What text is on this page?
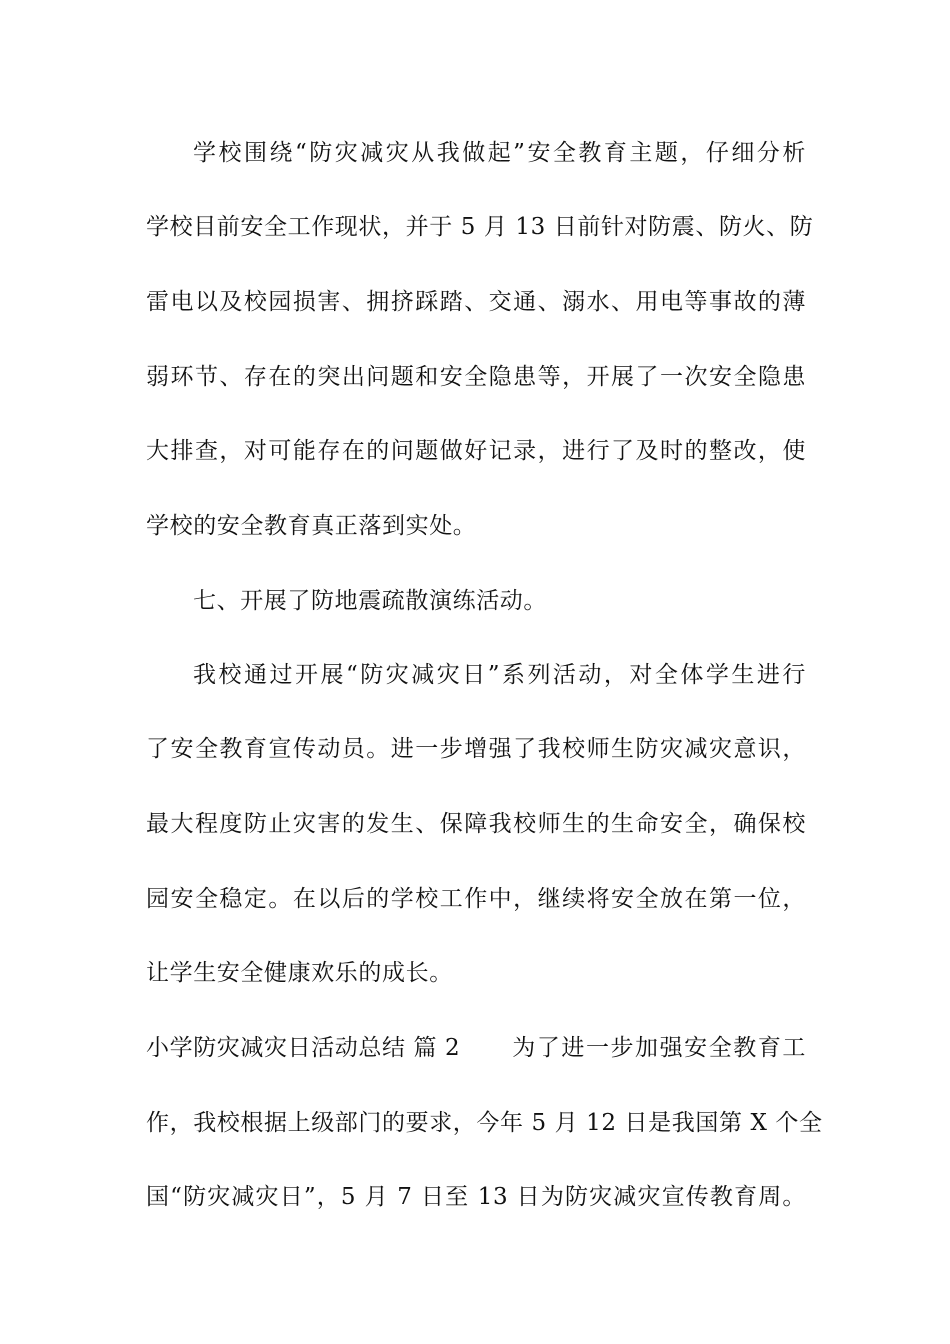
学校围绕“防灾减灾从我做起”安全教育主题，仔细分析
学校目前安全工作现状，并于 5 月 13 日前针对防震、防火、防
雷电以及校园损害、拥挤踩踏、交通、溺水、用电等事故的薄
弱环节、存在的突出问题和安全隐患等，开展了一次安全隐患
大排查，对可能存在的问题做好记录，进行了及时的整改，使
学校的安全教育真正落到实处。
七、开展了防地震疏散演练活动。
我校通过开展“防灾减灾日”系列活动，对全体学生进行
了安全教育宣传动员。进一步增强了我校师生防灾减灾意识，
最大程度防止灾害的发生、保障我校师生的生命安全，确保校
园安全稳定。在以后的学校工作中，继续将安全放在第一位，
让学生安全健康欢乐的成长。
小学防灾减灾日活动总结 篇 2 为了进一步加强安全教育工
作，我校根据上级部门的要求，今年 5 月 12 日是我国第 X 个全
国“防灾减灾日”，5 月 7 日至 13 日为防灾减灾宣传教育周。
